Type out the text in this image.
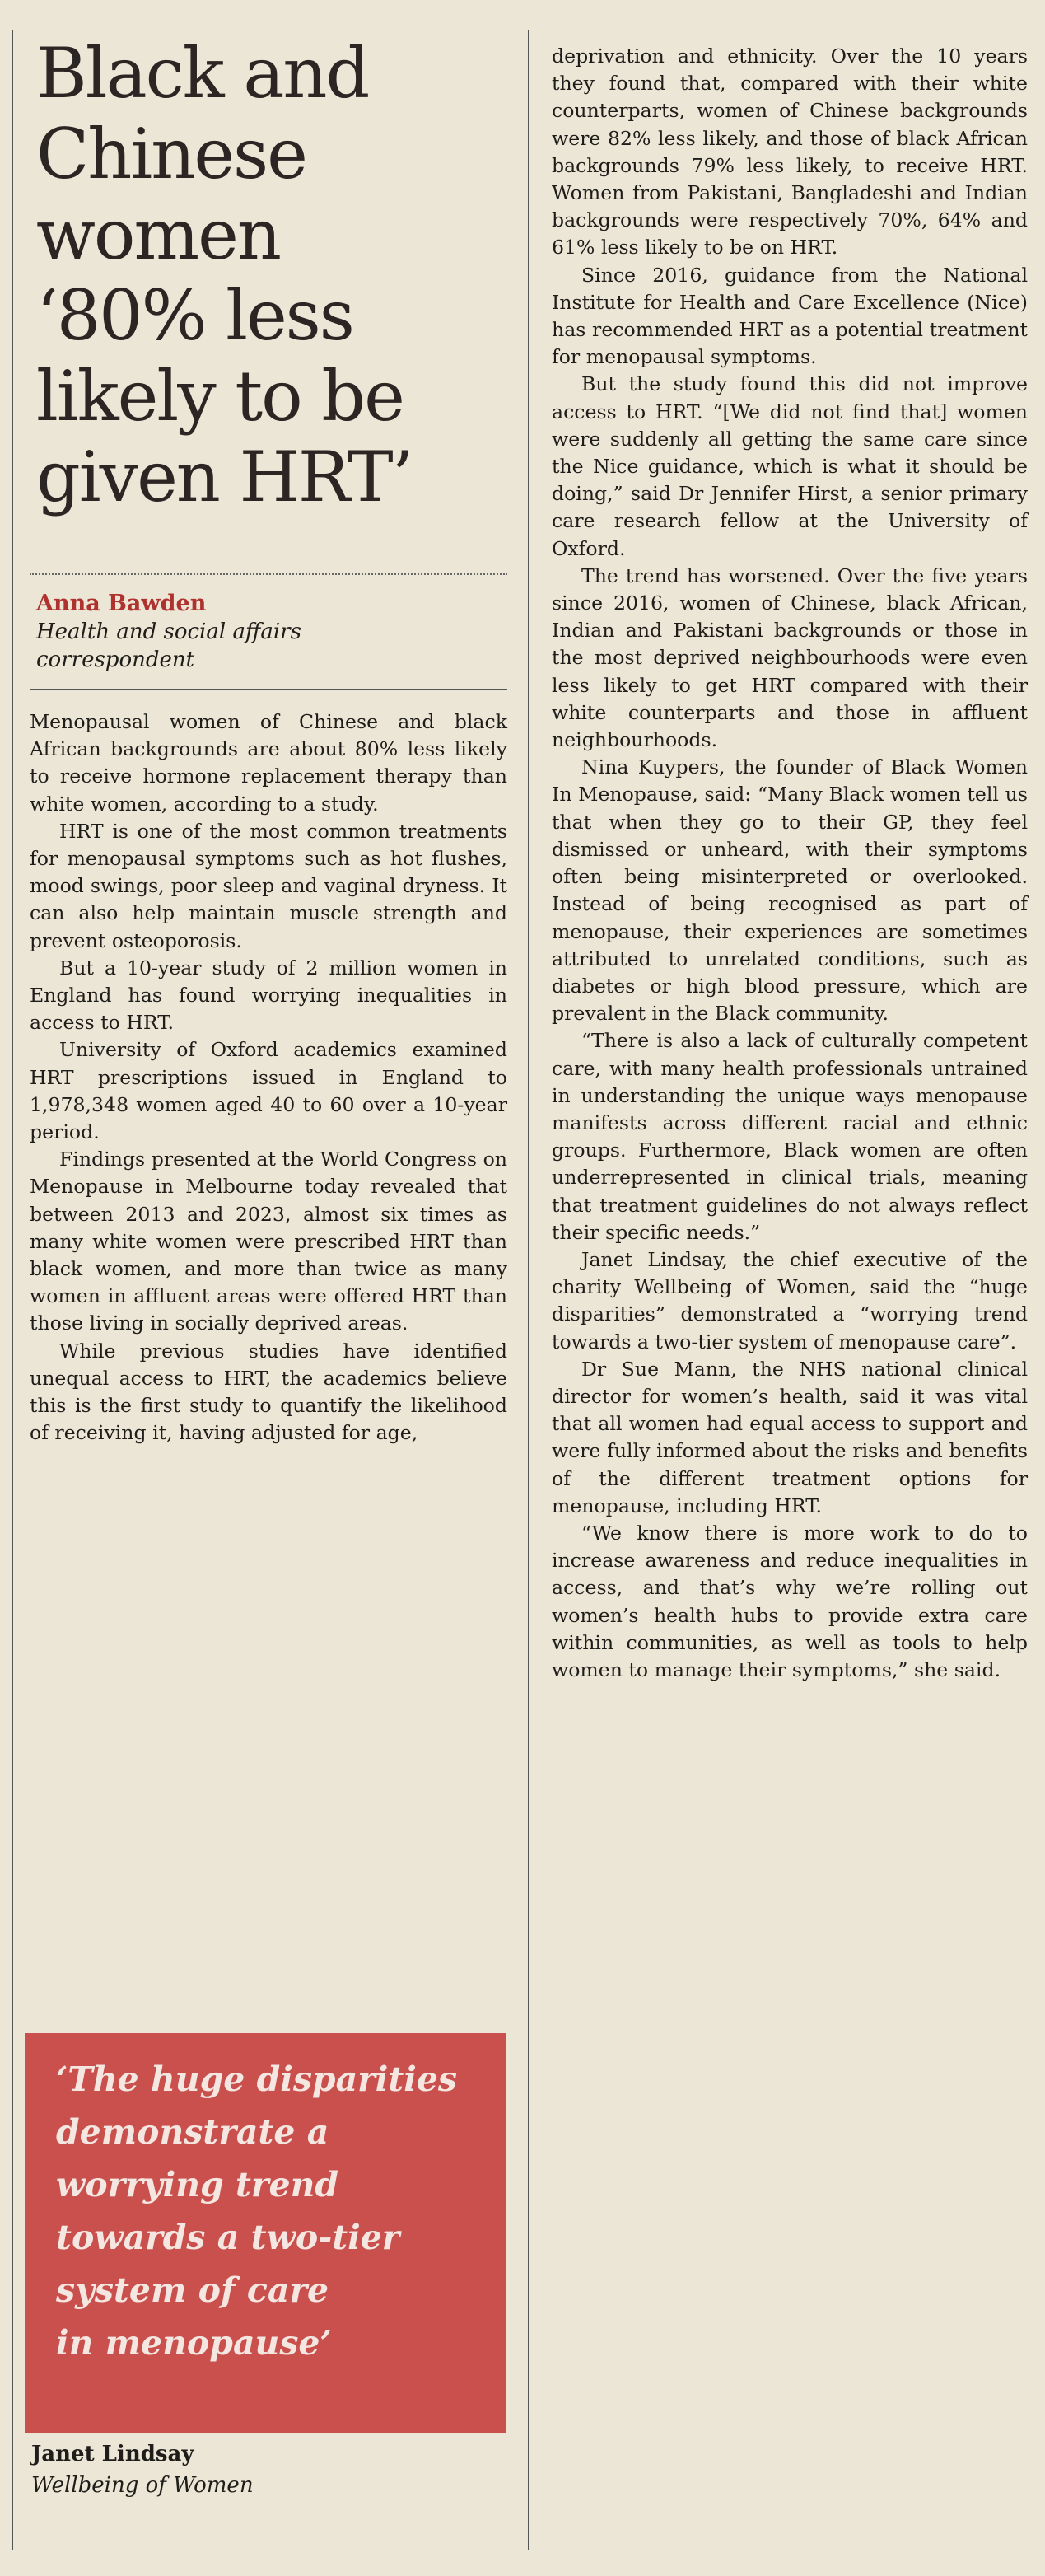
Black and
Chinese
women
‘80% less
likely to be
given HRT’
Anna Bawden
Health and social affairs correspondent

Menopausal women of Chinese and black African backgrounds are about 80% less likely to receive hormone replacement therapy than white women, according to a study.

HRT is one of the most common treatments for menopausal symptoms such as hot flushes, mood swings, poor sleep and vaginal dryness. It can also help maintain muscle strength and prevent osteoporosis.

But a 10-year study of 2 million women in England has found worrying inequalities in access to HRT.

University of Oxford academics examined HRT prescriptions issued in England to 1,978,348 women aged 40 to 60 over a 10-year period.

Findings presented at the World Congress on Menopause in Melbourne today revealed that between 2013 and 2023, almost six times as many white women were prescribed HRT than black women, and more than twice as many women in affluent areas were offered HRT than those living in socially deprived areas.

While previous studies have identified unequal access to HRT, the academics believe this is the first study to quantify the likelihood of receiving it, having adjusted for age,

‘The huge disparities
demonstrate a
worrying trend
towards a two-tier
system of care
in menopause’

Janet Lindsay
Wellbeing of Women

deprivation and ethnicity. Over the 10 years they found that, compared with their white counterparts, women of Chinese backgrounds were 82% less likely, and those of black African backgrounds 79% less likely, to receive HRT. Women from Pakistani, Bangladeshi and Indian backgrounds were respectively 70%, 64% and 61% less likely to be on HRT.

Since 2016, guidance from the National Institute for Health and Care Excellence (Nice) has recommended HRT as a potential treatment for menopausal symptoms.

But the study found this did not improve access to HRT. “[We did not find that] women were suddenly all getting the same care since the Nice guidance, which is what it should be doing,” said Dr Jennifer Hirst, a senior primary care research fellow at the University of Oxford.

The trend has worsened. Over the five years since 2016, women of Chinese, black African, Indian and Pakistani backgrounds or those in the most deprived neighbourhoods were even less likely to get HRT compared with their white counterparts and those in affluent neighbourhoods.

Nina Kuypers, the founder of Black Women In Menopause, said: “Many Black women tell us that when they go to their GP, they feel dismissed or unheard, with their symptoms often being misinterpreted or overlooked. Instead of being recognised as part of menopause, their experiences are sometimes attributed to unrelated conditions, such as diabetes or high blood pressure, which are prevalent in the Black community.

“There is also a lack of culturally competent care, with many health professionals untrained in understanding the unique ways menopause manifests across different racial and ethnic groups. Furthermore, Black women are often underrepresented in clinical trials, meaning that treatment guidelines do not always reflect their specific needs.”

Janet Lindsay, the chief executive of the charity Wellbeing of Women, said the “huge disparities” demonstrated a “worrying trend towards a two-tier system of menopause care”.

Dr Sue Mann, the NHS national clinical director for women’s health, said it was vital that all women had equal access to support and were fully informed about the risks and benefits of the different treatment options for menopause, including HRT.

“We know there is more work to do to increase awareness and reduce inequalities in access, and that’s why we’re rolling out women’s health hubs to provide extra care within communities, as well as tools to help women to manage their symptoms,” she said.
